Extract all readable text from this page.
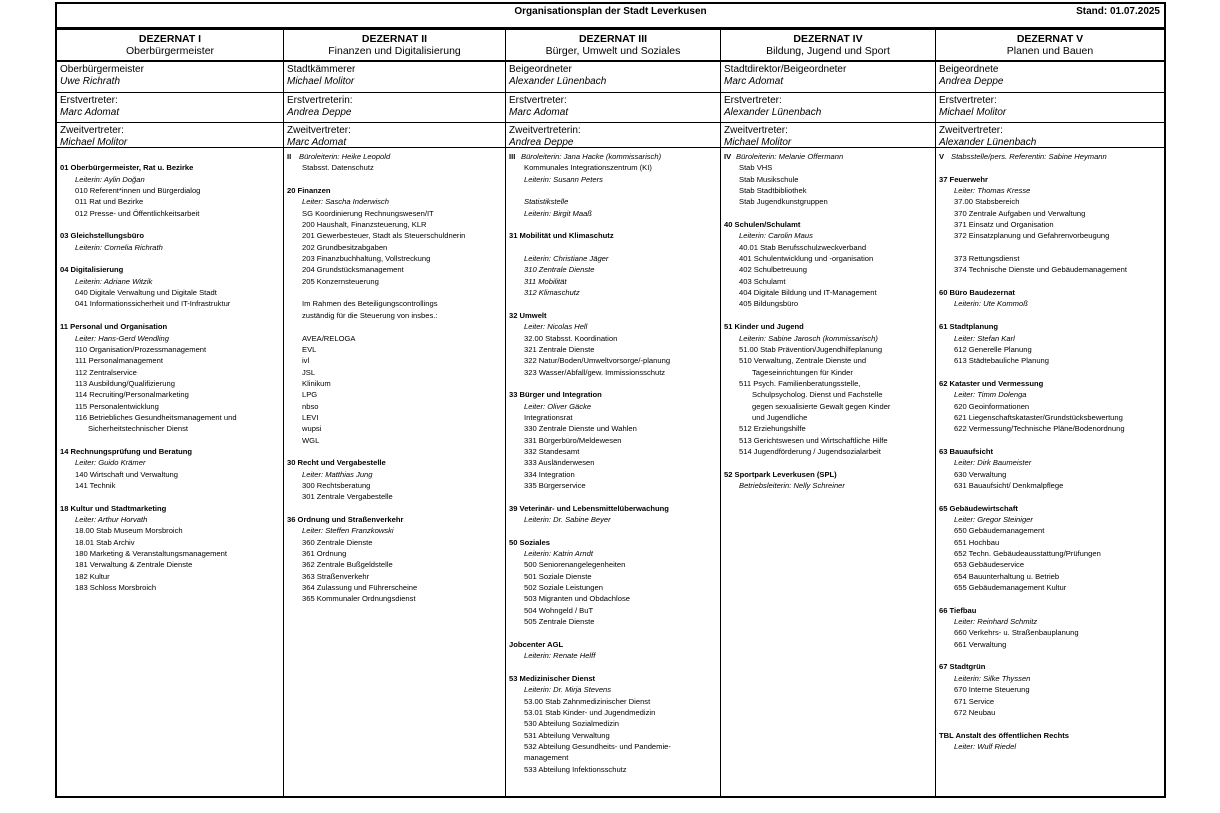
Organisationsplan der Stadt Leverkusen	Stand: 01.07.2025
DEZERNAT I
Oberbürgermeister
Oberbürgermeister
Uwe Richrath
Erstvertreter:
Marc Adomat
Zweitvertreter:
Michael Molitor
01 Oberbürgermeister, Rat u. Bezirke
Leiterin: Aylin Doğan
010 Referent*innen und Bürgerdialog
011 Rat und Bezirke
012 Presse- und Öffentlichkeitsarbeit
03 Gleichstellungsbüro
Leiterin: Cornelia Richrath
04 Digitalisierung
Leiterin: Adriane Witzik
040 Digitale Verwaltung und Digitale Stadt
041 Informationssicherheit und IT-Infrastruktur
11 Personal und Organisation
Leiter: Hans-Gerd Wendling
110 Organisation/Prozessmanagement
111 Personalmanagement
112 Zentralservice
113 Ausbildung/Qualifizierung
114 Recruiting/Personalmarketing
115 Personalentwicklung
116 Betriebliches Gesundheitsmanagement und
Sicherheitstechnischer Dienst
14 Rechnungsprüfung und Beratung
Leiter: Guido Krämer
140 Wirtschaft und Verwaltung
141 Technik
18 Kultur und Stadtmarketing
Leiter: Arthur Horvath
18.00 Stab Museum Morsbroich
18.01 Stab Archiv
180 Marketing & Veranstaltungsmanagement
181 Verwaltung & Zentrale Dienste
182 Kultur
183 Schloss Morsbroich
DEZERNAT II
Finanzen und Digitalisierung
Stadtkämmerer
Michael Molitor
Erstvertreterin:
Andrea Deppe
Zweitvertreter:
Marc Adomat
II Büroleiterin: Heike Leopold
Stabsst. Datenschutz
20 Finanzen
Leiter: Sascha Inderwisch
SG Koordinierung Rechnungswesen/IT
200 Haushalt, Finanzsteuerung, KLR
201 Gewerbesteuer, Stadt als Steuerschuldnerin
202 Grundbesitzabgaben
203 Finanzbuchhaltung, Vollstreckung
204 Grundstücksmanagement
205 Konzernsteuerung
Im Rahmen des Beteiligungscontrollings
zuständig für die Steuerung von insbes.:
AVEA/RELOGA
EVL
ivl
JSL
Klinikum
LPG
nbso
LEVI
wupsi
WGL
30 Recht und Vergabestelle
Leiter: Matthias Jung
300 Rechtsberatung
301 Zentrale Vergabestelle
36 Ordnung und Straßenverkehr
Leiter: Steffen Franzkowski
360 Zentrale Dienste
361 Ordnung
362 Zentrale Bußgeldstelle
363 Straßenverkehr
364 Zulassung und Führerscheine
365 Kommunaler Ordnungsdienst
DEZERNAT III
Bürger, Umwelt und Soziales
Beigeordneter
Alexander Lünenbach
Erstvertreter:
Marc Adomat
Zweitvertreterin:
Andrea Deppe
III Büroleiterin: Jana Hacke (kommissarisch)
Kommunales Integrationszentrum (KI)
Leiterin: Susann Peters
Statistikstelle
Leiterin: Birgit Maaß
31 Mobilität und Klimaschutz
Leiterin: Christiane Jäger
310 Zentrale Dienste
311 Mobilität
312 Klimaschutz
32 Umwelt
Leiter: Nicolas Hell
32.00 Stabsst. Koordination
321 Zentrale Dienste
322 Natur/Boden/Umweltvorsorge/-planung
323 Wasser/Abfall/gew. Immissionsschutz
33 Bürger und Integration
Leiter: Oliver Gäcke
Integrationsrat
330 Zentrale Dienste und Wahlen
331 Bürgerbüro/Meldewesen
332 Standesamt
333 Ausländerwesen
334 Integration
335 Bürgerservice
39 Veterinär- und Lebensmittelüberwachung
Leiterin: Dr. Sabine Beyer
50 Soziales
Leiterin: Katrin Arndt
500 Seniorenangelegenheiten
501 Soziale Dienste
502 Soziale Leistungen
503 Migranten und Obdachlose
504 Wohngeld / BuT
505 Zentrale Dienste
Jobcenter AGL
Leiterin: Renate Helff
53 Medizinischer Dienst
Leiterin: Dr. Mirja Stevens
53.00 Stab Zahnmedizinischer Dienst
53.01 Stab Kinder- und Jugendmedizin
530 Abteilung Sozialmedizin
531 Abteilung Verwaltung
532 Abteilung Gesundheits- und Pandemie-
management
533 Abteilung Infektionsschutz
DEZERNAT IV
Bildung, Jugend und Sport
Stadtdirektor/Beigeordneter
Marc Adomat
Erstvertreter:
Alexander Lünenbach
Zweitvertreter:
Michael Molitor
IV Büroleiterin: Melanie Offermann
Stab VHS
Stab Musikschule
Stab Stadtbibliothek
Stab Jugendkunstgruppen
40 Schulen/Schulamt
Leiterin: Carolin Maus
40.01 Stab Berufsschulzweckverband
401 Schulentwicklung und -organisation
402 Schulbetreuung
403 Schulamt
404 Digitale Bildung und IT-Management
405 Bildungsbüro
51 Kinder und Jugend
Leiterin: Sabine Jarosch (kommissarisch)
51.00 Stab Prävention/Jugendhilfeplanung
510 Verwaltung, Zentrale Dienste und
Tageseinrichtungen für Kinder
511 Psych. Familienberatungsstelle,
Schulpsycholog. Dienst und Fachstelle
gegen sexualisierte Gewalt gegen Kinder
und Jugendliche
512 Erziehungshilfe
513 Gerichtswesen und Wirtschaftliche Hilfe
514 Jugendförderung / Jugendsozialarbeit
52 Sportpark Leverkusen (SPL)
Betriebsleiterin: Nelly Schreiner
DEZERNAT V
Planen und Bauen
Beigeordnete
Andrea Deppe
Erstvertreter:
Michael Molitor
Zweitvertreter:
Alexander Lünenbach
V Stabsstelle/pers. Referentin: Sabine Heymann
37 Feuerwehr
Leiter: Thomas Kresse
37.00 Stabsbereich
370 Zentrale Aufgaben und Verwaltung
371 Einsatz und Organisation
372 Einsatzplanung und Gefahrenvorbeugung
373 Rettungsdienst
374 Technische Dienste und Gebäudemanagement
60 Büro Baudezernat
Leiterin: Ute Kommoß
61 Stadtplanung
Leiter: Stefan Karl
612 Generelle Planung
613 Städtebauliche Planung
62 Kataster und Vermessung
Leiter: Timm Dolenga
620 Geoinformationen
621 Liegenschaftskataster/Grundstücksbewertung
622 Vermessung/Technische Pläne/Bodenordnung
63 Bauaufsicht
Leiter: Dirk Baumeister
630 Verwaltung
631 Bauaufsicht/ Denkmalpflege
65 Gebäudewirtschaft
Leiter: Gregor Steiniger
650 Gebäudemanagement
651 Hochbau
652 Techn. Gebäudeausstattung/Prüfungen
653 Gebäudeservice
654 Bauunterhaltung u. Betrieb
655 Gebäudemanagement Kultur
66 Tiefbau
Leiter: Reinhard Schmitz
660 Verkehrs- u. Straßenbauplanung
661 Verwaltung
67 Stadtgrün
Leiterin: Silke Thyssen
670 Interne Steuerung
671 Service
672 Neubau
TBL Anstalt des öffentlichen Rechts
Leiter: Wulf Riedel
